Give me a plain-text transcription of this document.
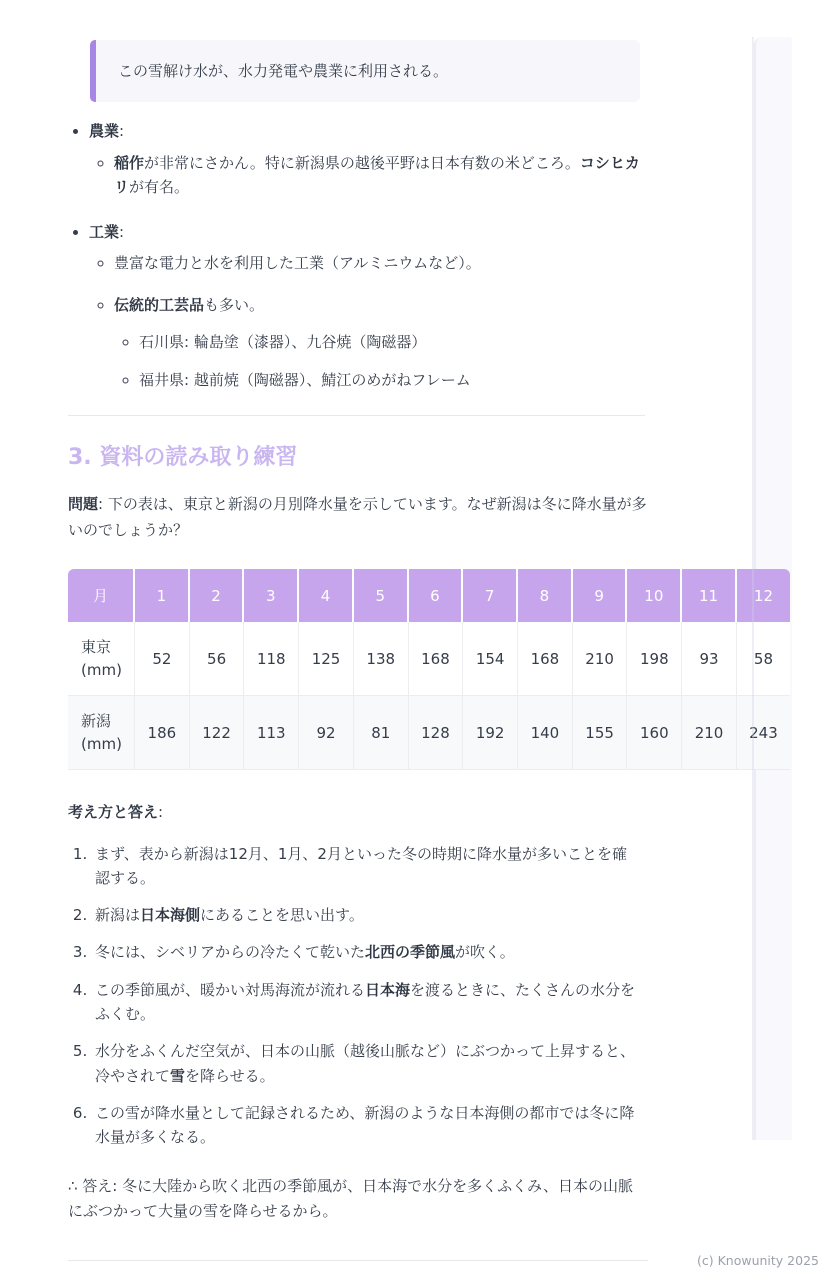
この雪解け水が、水力発電や農業に利用される。

• 農業:

◦ 稲作が非常にさかん。特に新潟県の越後平野は日本有数の米どころ。コシヒカリが有名。

• 工業:

◦ 豊富な電力と水を利用した工業（アルミニウムなど）。

◦ 伝統的工芸品も多い。

◦ 石川県: 輪島塗（漆器）、九谷焼（陶磁器）

◦ 福井県: 越前焼（陶磁器）、鯖江のめがねフレーム

3. 資料の読み取り練習

問題: 下の表は、東京と新潟の月別降水量を示しています。なぜ新潟は冬に降水量が多いのでしょうか？

月	1	2	3	4	5	6	7	8	9	10	11	12

東京
(mm)	52	56	118	125	138	168	154	168	210	198	93	58

新潟
(mm)	186	122	113	92	81	128	192	140	155	160	210	243

考え方と答え:

1. まず、表から新潟は12月、1月、2月といった冬の時期に降水量が多いことを確認する。

2. 新潟は日本海側にあることを思い出す。

3. 冬には、シベリアからの冷たくて乾いた北西の季節風が吹く。

4. この季節風が、暖かい対馬海流が流れる日本海を渡るときに、たくさんの水分をふくむ。

5. 水分をふくんだ空気が、日本の山脈（越後山脈など）にぶつかって上昇すると、冷やされて雪を降らせる。

6. この雪が降水量として記録されるため、新潟のような日本海側の都市では冬に降水量が多くなる。

∴ 答え: 冬に大陸から吹く北西の季節風が、日本海で水分を多くふくみ、日本の山脈にぶつかって大量の雪を降らせるから。

(c) Knowunity 2025
